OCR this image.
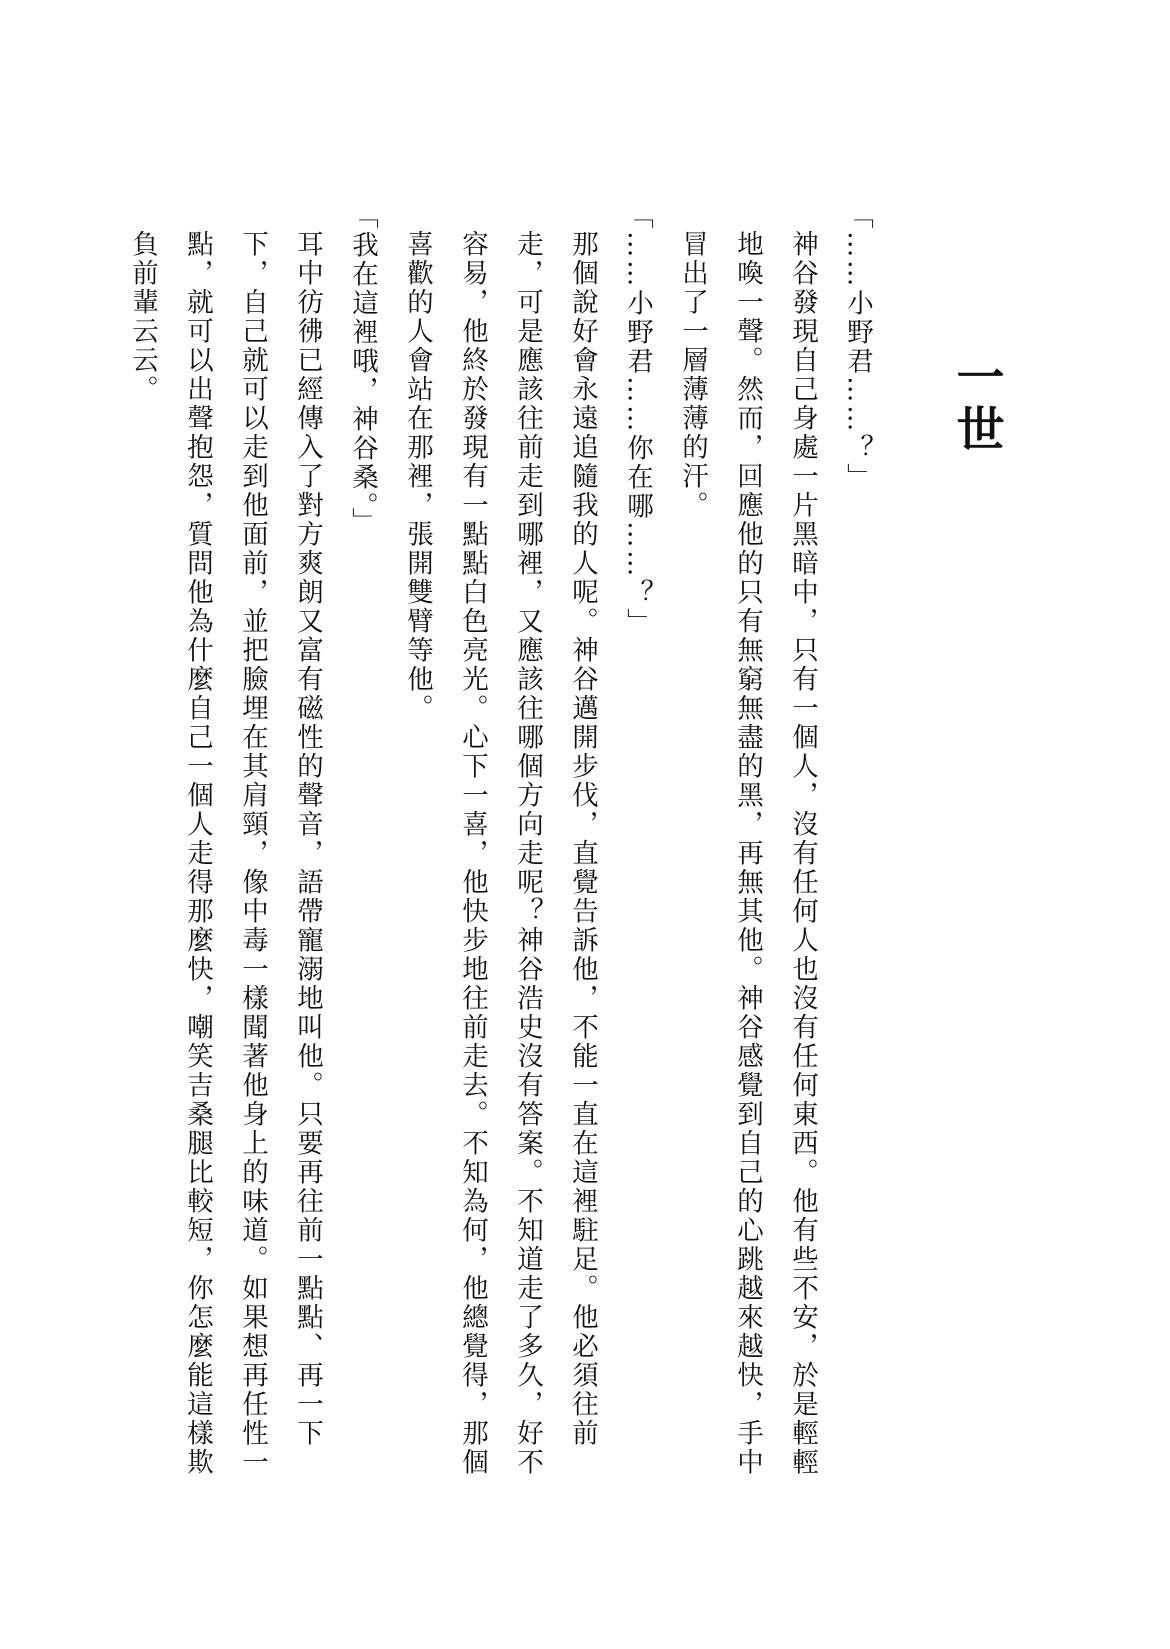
一世

「……小野君……？」

神谷發現自己身處一片黑暗中，只有一個人，沒有任何人也沒有任何東西。他有些不安，於是輕輕地喚一聲。然而，回應他的只有無窮無盡的黑，再無其他。神谷感覺到自己的心跳越來越快，手中冒出了一層薄薄的汗。

「……小野君……你在哪……？」

那個說好會永遠追隨我的人呢。神谷邁開步伐，直覺告訴他，不能一直在這裡駐足。他必須往前走，可是應該往前走到哪裡，又應該往哪個方向走呢？神谷浩史沒有答案。不知道走了多久，好不容易，他終於發現有一點點白色亮光。心下一喜，他快步地往前走去。不知為何，他總覺得，那個喜歡的人會站在那裡，張開雙臂等他。

「我在這裡哦，神谷桑。」

耳中彷彿已經傳入了對方爽朗又富有磁性的聲音，語帶寵溺地叫他。只要再往前一點點、再一下下，自己就可以走到他面前，並把臉埋在其肩頸，像中毒一樣聞著他身上的味道。如果想再任性一點，就可以出聲抱怨，質問他為什麼自己一個人走得那麼快，嘲笑吉桑腿比較短，你怎麼能這樣欺負前輩云云。
